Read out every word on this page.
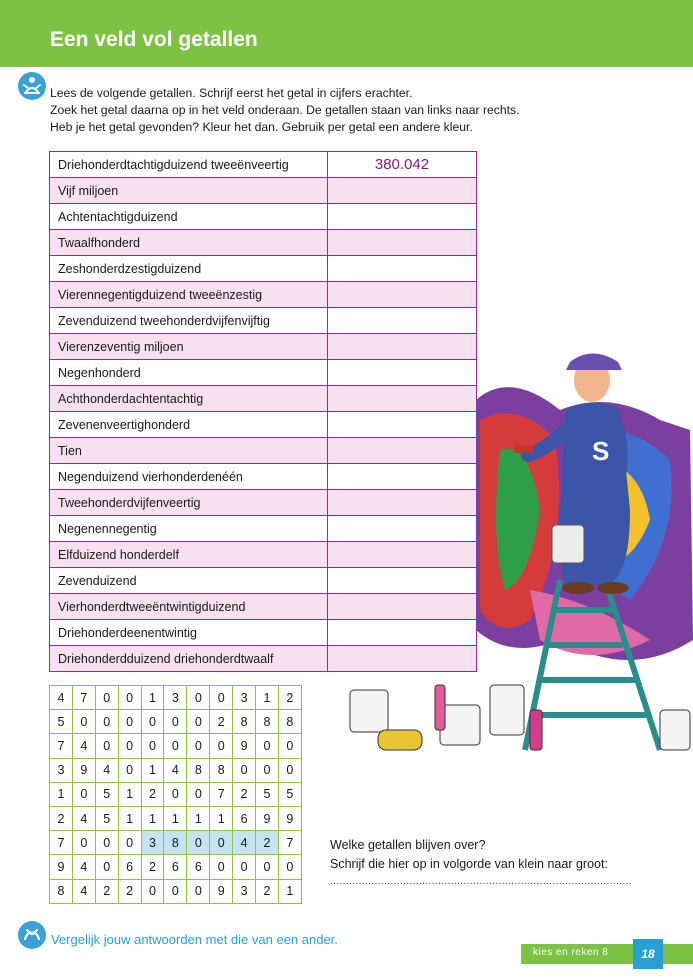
Een veld vol getallen
Lees de volgende getallen. Schrijf eerst het getal in cijfers erachter.
Zoek het getal daarna op in het veld onderaan. De getallen staan van links naar rechts.
Heb je het getal gevonden? Kleur het dan. Gebruik per getal een andere kleur.
Driehonderdtachtigduizend tweeënveertig	380.042
Vijf miljoen	
Achtentachtigduizend	
Twaalfhonderd	
Zeshonderdzestigduizend	
Vierennegentigduizend tweeënzestig	
Zevenduizend tweehonderdvijfenvijftig	
Vierenzeventig miljoen	
Negenhonderd	
Achthonderdachtentachtig	
Zevenenveertighonderd	
Tien	
Negenduizend vierhonderdenéén	
Tweehonderdvijfenveertig	
Negenennegentig	
Elfduizend honderdelf	
Zevenduizend	
Vierhonderdtweeëntwintigduizend	
Driehonderdeenentwintig	
Driehonderdduizend driehonderdtwaalf	
S
4	7	0	0	1	3	0	0	3	1	2
5	0	0	0	0	0	0	2	8	8	8
7	4	0	0	0	0	0	0	9	0	0
3	9	4	0	1	4	8	8	0	0	0
1	0	5	1	2	0	0	7	2	5	5
2	4	5	1	1	1	1	1	6	9	9
7	0	0	0	3	8	0	0	4	2	7
9	4	0	6	2	6	6	0	0	0	0
8	4	2	2	0	0	0	9	3	2	1
Welke getallen blijven over?
Schrijf die hier op in volgorde van klein naar groot:
...............................................................................................
Vergelijk jouw antwoorden met die van een ander.
kies en reken 8	18
